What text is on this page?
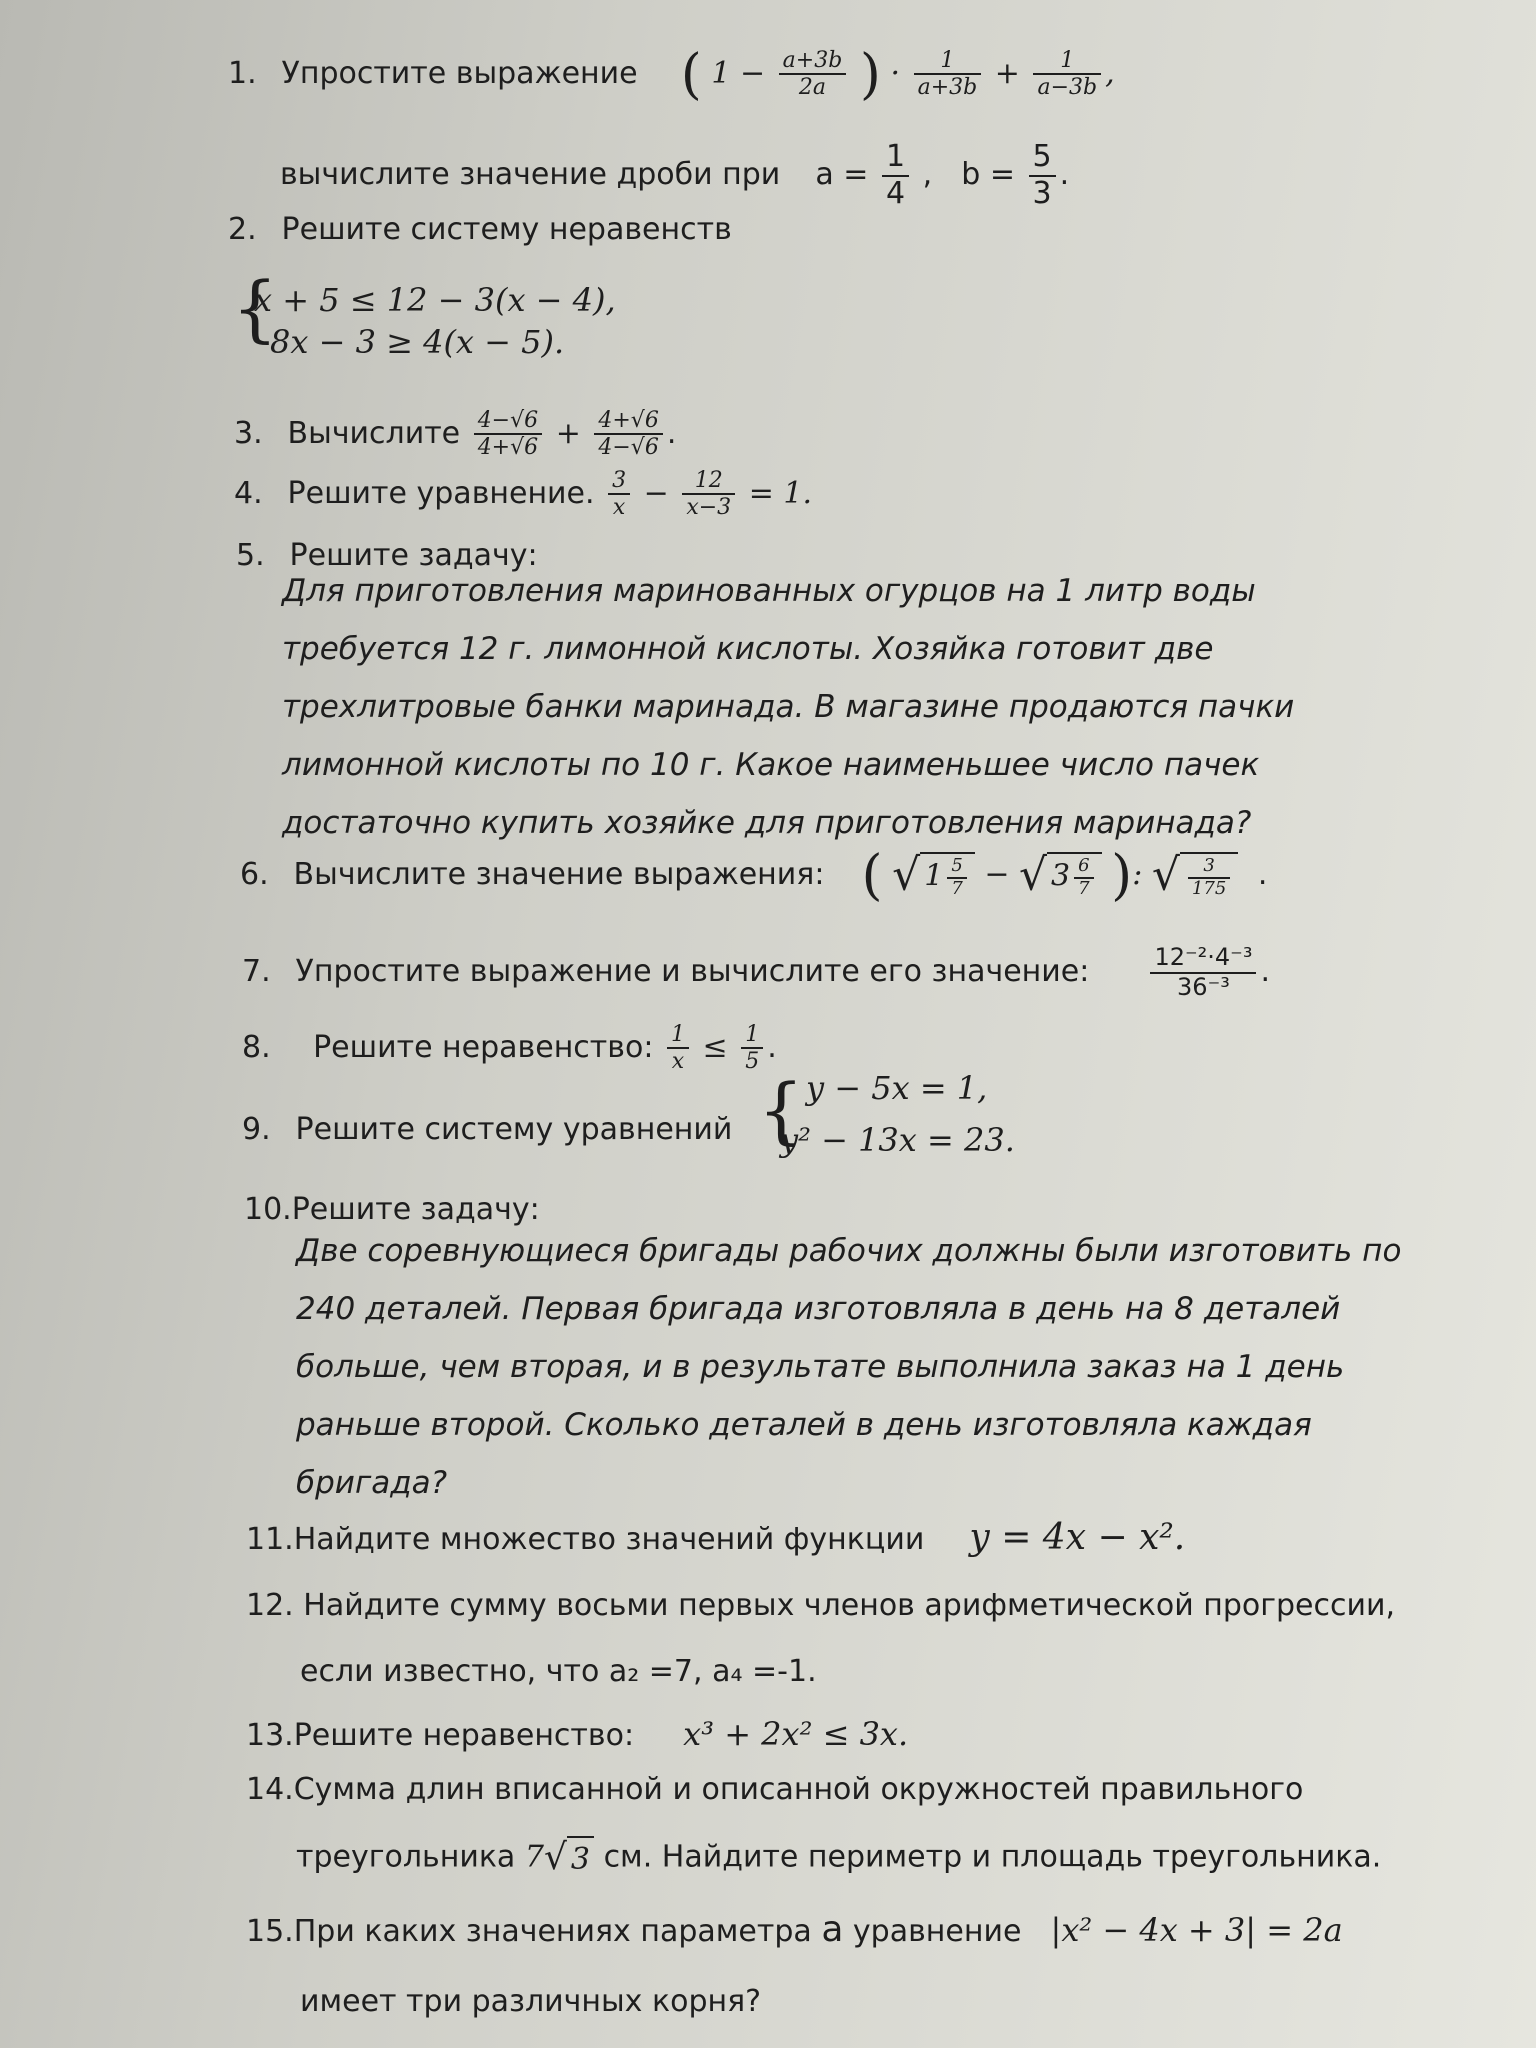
1. Упростите выражение ( $1 - \frac{a+3b}{2a}$ ) · $\frac{1}{a+3b} + \frac{1}{a-3b}$ ,
вычислите значение дроби при $a = \frac{1}{4}$ , $b = \frac{5}{3}$ .
2. Решите систему неравенств
{
x + 5 ≤ 12 − 3(x − 4),
8x − 3 ≥ 4(x − 5).
3. Вычислите $\frac{4-√6}{4+√6} + \frac{4+√6}{4-√6}$ .
4. Решите уравнение. $\frac{3}{x} - \frac{12}{x-3} = 1$.
5. Решите задачу:
Для приготовления маринованных огурцов на 1 литр воды
требуется 12 г. лимонной кислоты. Хозяйка готовит две
трехлитровые банки маринада. В магазине продаются пачки
лимонной кислоты по 10 г. Какое наименьшее число пачек
достаточно купить хозяйке для приготовления маринада?
6. Вычислите значение выражения: ( √ $1 \frac{5}{7}$ − √ $3 \frac{6}{7}$ ): √ $\frac{3}{175}$ .
7. Упростите выражение и вычислите его значение:	$\frac{\text{12⁻²·4⁻³}}{\text{36⁻³}}$ .
8. Решите неравенство: $\frac{1}{x} \le \frac{1}{5}$ .
9. Решите систему уравнений { y − 5x = 1,
y² − 13x = 23.
10.Решите задачу:
Две соревнующиеся бригады рабочих должны были изготовить по
240 деталей. Первая бригада изготовляла в день на 8 деталей
больше, чем вторая, и в результате выполнила заказ на 1 день
раньше второй. Сколько деталей в день изготовляла каждая
бригада?
11.Найдите множество значений функции y = 4x − x².
12. Найдите сумму восьми первых членов арифметической прогрессии,
если известно, что a₂ =7, a₄ =-1.
13.Решите неравенство: x³ + 2x² ≤ 3x.
14.Сумма длин вписанной и описанной окружностей правильного
треугольника 7√ 3 см. Найдите периметр и площадь треугольника.
15.При каких значениях параметра a уравнение |x² − 4x + 3| = 2a
имеет три различных корня?
